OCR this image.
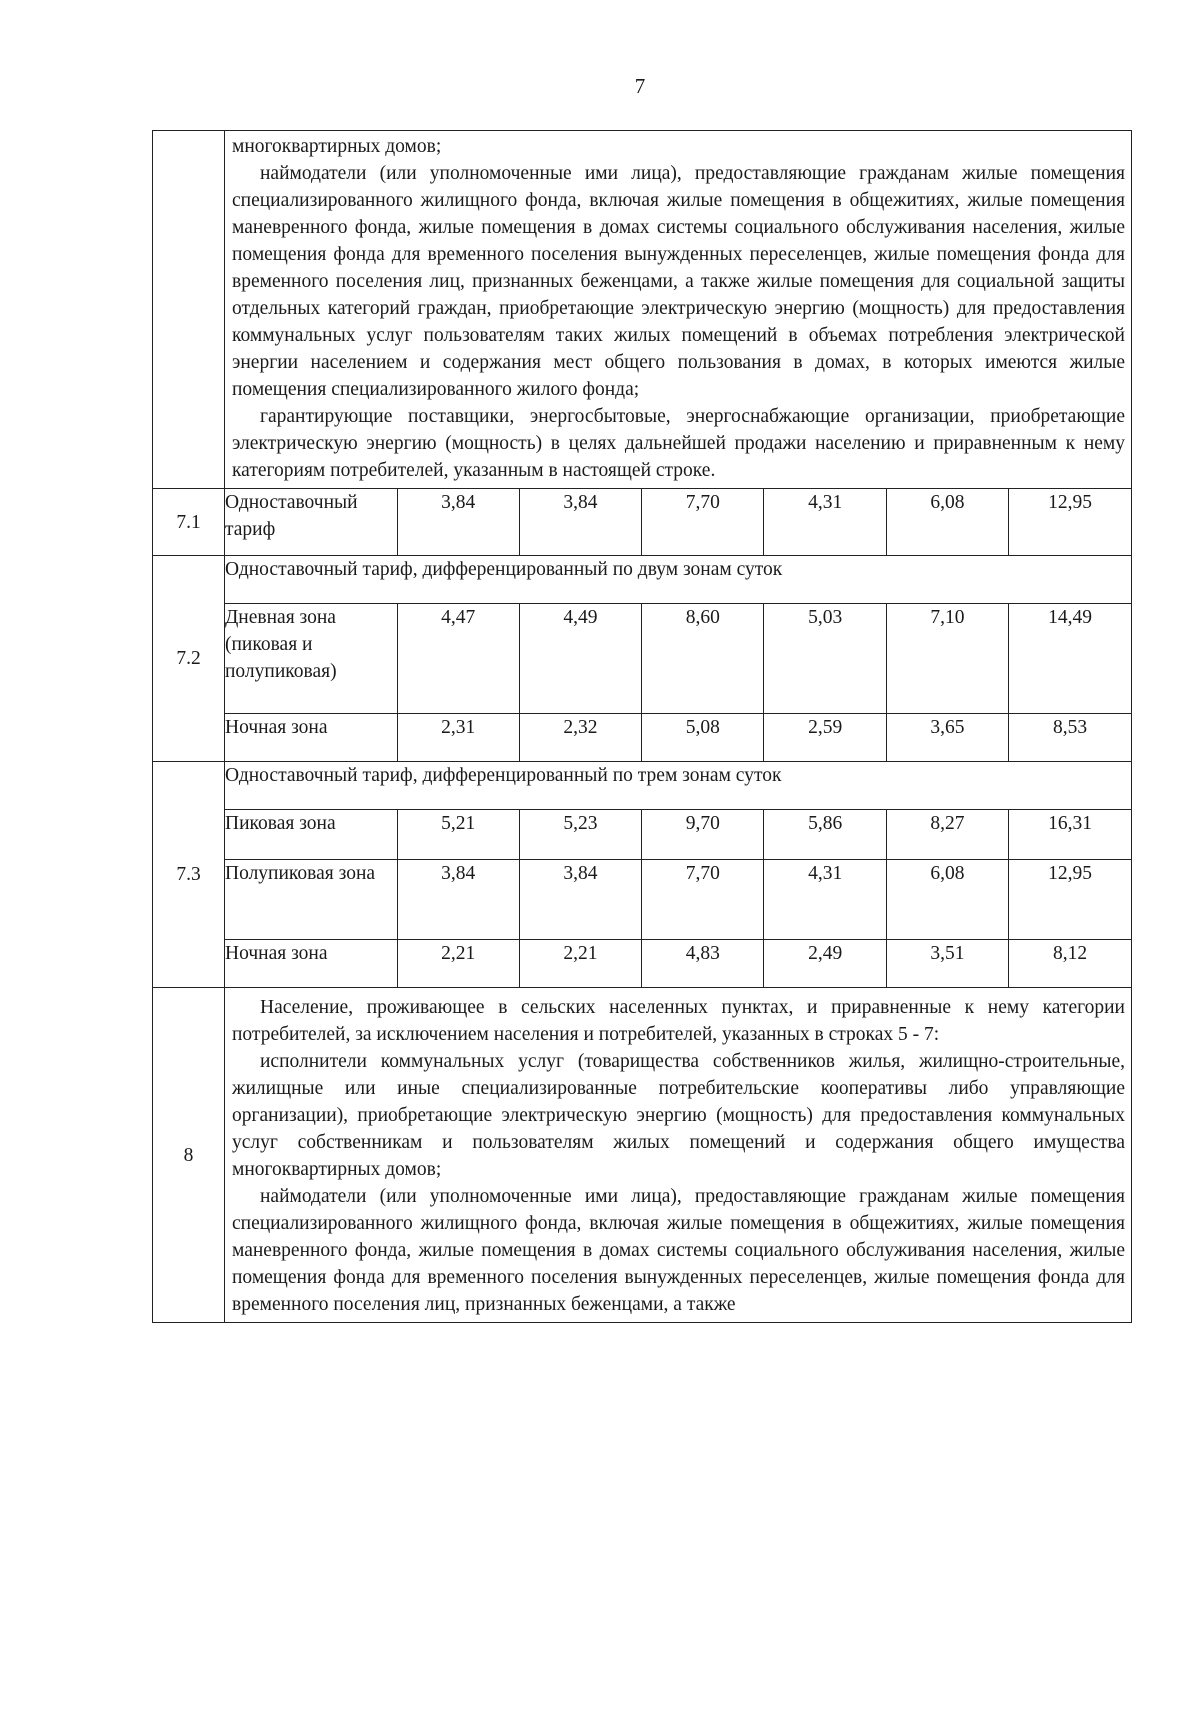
7

многоквартирных домов;

наймодатели (или уполномоченные ими лица), предоставляющие гражданам жилые помещения специализированного жилищного фонда, включая жилые помещения в общежитиях, жилые помещения маневренного фонда, жилые помещения в домах системы социального обслуживания населения, жилые помещения фонда для временного поселения вынужденных переселенцев, жилые помещения фонда для временного поселения лиц, признанных беженцами, а также жилые помещения для социальной защиты отдельных категорий граждан, приобретающие электрическую энергию (мощность) для предоставления коммунальных услуг пользователям таких жилых помещений в объемах потребления электрической энергии населением и содержания мест общего пользования в домах, в которых имеются жилые помещения специализированного жилого фонда;

гарантирующие поставщики, энергосбытовые, энергоснабжающие организации, приобретающие электрическую энергию (мощность) в целях дальнейшей продажи населению и приравненным к нему категориям потребителей, указанным в настоящей строке.

7.1	
Одноставочный тариф	3,84	3,84	7,70	4,31	6,08	12,95

7.2	
Одноставочный тариф, дифференцированный по двум зонам суток
Дневная зона (пиковая и полупиковая)	4,47	4,49	8,60	5,03	7,10	14,49
Ночная зона	2,31	2,32	5,08	2,59	3,65	8,53

7.3	
Одноставочный тариф, дифференцированный по трем зонам суток
Пиковая зона	5,21	5,23	9,70	5,86	8,27	16,31
Полупиковая зона	3,84	3,84	7,70	4,31	6,08	12,95
Ночная зона	2,21	2,21	4,83	2,49	3,51	8,12

8	

Население, проживающее в сельских населенных пунктах, и приравненные к нему категории потребителей, за исключением населения и потребителей, указанных в строках 5 - 7:

исполнители коммунальных услуг (товарищества собственников жилья, жилищно-строительные, жилищные или иные специализированные потребительские кооперативы либо управляющие организации), приобретающие электрическую энергию (мощность) для предоставления коммунальных услуг собственникам и пользователям жилых помещений и содержания общего имущества многоквартирных домов;

наймодатели (или уполномоченные ими лица), предоставляющие гражданам жилые помещения специализированного жилищного фонда, включая жилые помещения в общежитиях, жилые помещения маневренного фонда, жилые помещения в домах системы социального обслуживания населения, жилые помещения фонда для временного поселения вынужденных переселенцев, жилые помещения фонда для временного поселения лиц, признанных беженцами, а также
